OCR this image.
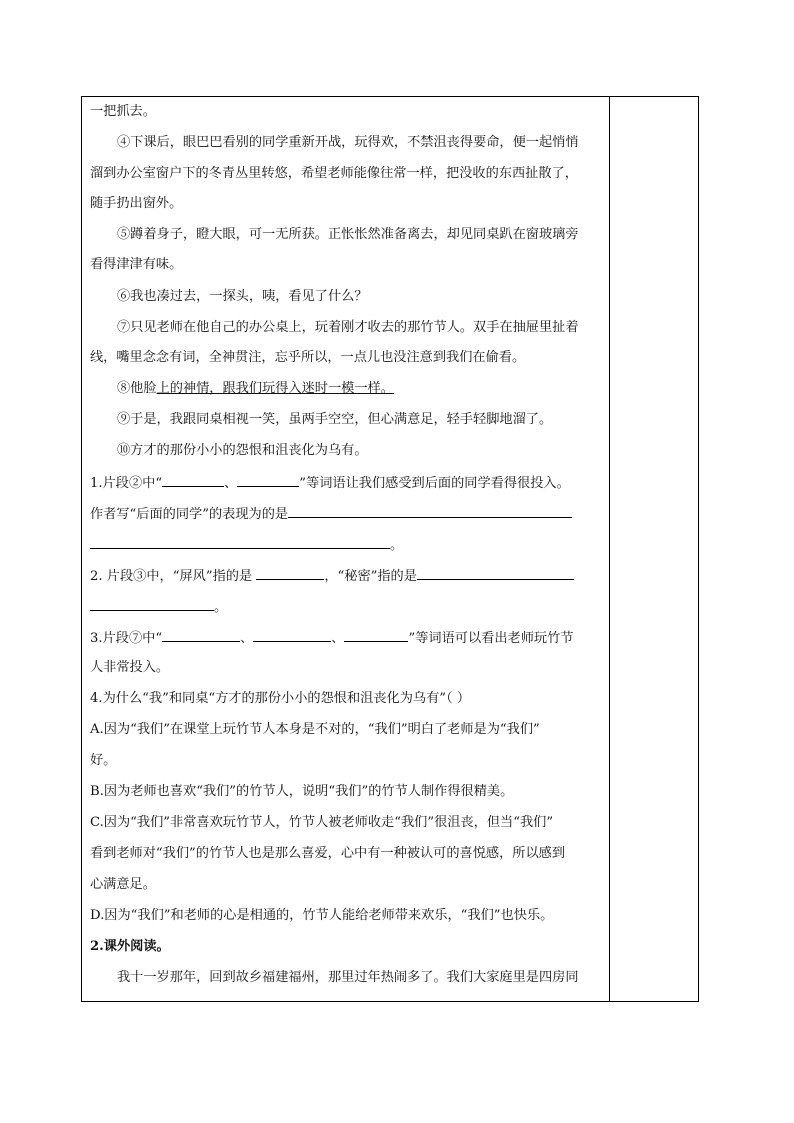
一把抓去。
④下课后，眼巴巴看别的同学重新开战，玩得欢，不禁沮丧得要命，便一起悄悄
溜到办公室窗户下的冬青丛里转悠，希望老师能像往常一样，把没收的东西扯散了，
随手扔出窗外。
⑤蹲着身子，瞪大眼，可一无所获。正怅怅然准备离去，却见同桌趴在窗玻璃旁
看得津津有味。
⑥我也凑过去，一探头，咦，看见了什么？
⑦只见老师在他自己的办公桌上，玩着刚才收去的那竹节人。双手在抽屉里扯着
线，嘴里念念有词，全神贯注，忘乎所以，一点儿也没注意到我们在偷看。
⑧他脸上的神情，跟我们玩得入迷时一模一样。
⑨于是，我跟同桌相视一笑，虽两手空空，但心满意足，轻手轻脚地溜了。
⑩方才的那份小小的怨恨和沮丧化为乌有。
1.片段②中“	、	”等词语让我们感受到后面的同学看得很投入。
作者写“后面的同学”的表现为的是
。
2. 片段③中，“屏风”指的是	，“秘密”指的是
。
3.片段⑦中“	、	、	”等词语可以看出老师玩竹节
人非常投入。
4.为什么“我”和同桌“方才的那份小小的怨恨和沮丧化为乌有”（ ）
A.因为“我们”在课堂上玩竹节人本身是不对的，“我们”明白了老师是为“我们”
好。
B.因为老师也喜欢“我们”的竹节人，说明“我们”的竹节人制作得很精美。
C.因为“我们”非常喜欢玩竹节人，竹节人被老师收走“我们”很沮丧，但当“我们”
看到老师对“我们”的竹节人也是那么喜爱，心中有一种被认可的喜悦感，所以感到
心满意足。
D.因为“我们”和老师的心是相通的，竹节人能给老师带来欢乐，“我们”也快乐。
2.课外阅读。
我十一岁那年，回到故乡福建福州，那里过年热闹多了。我们大家庭里是四房同
